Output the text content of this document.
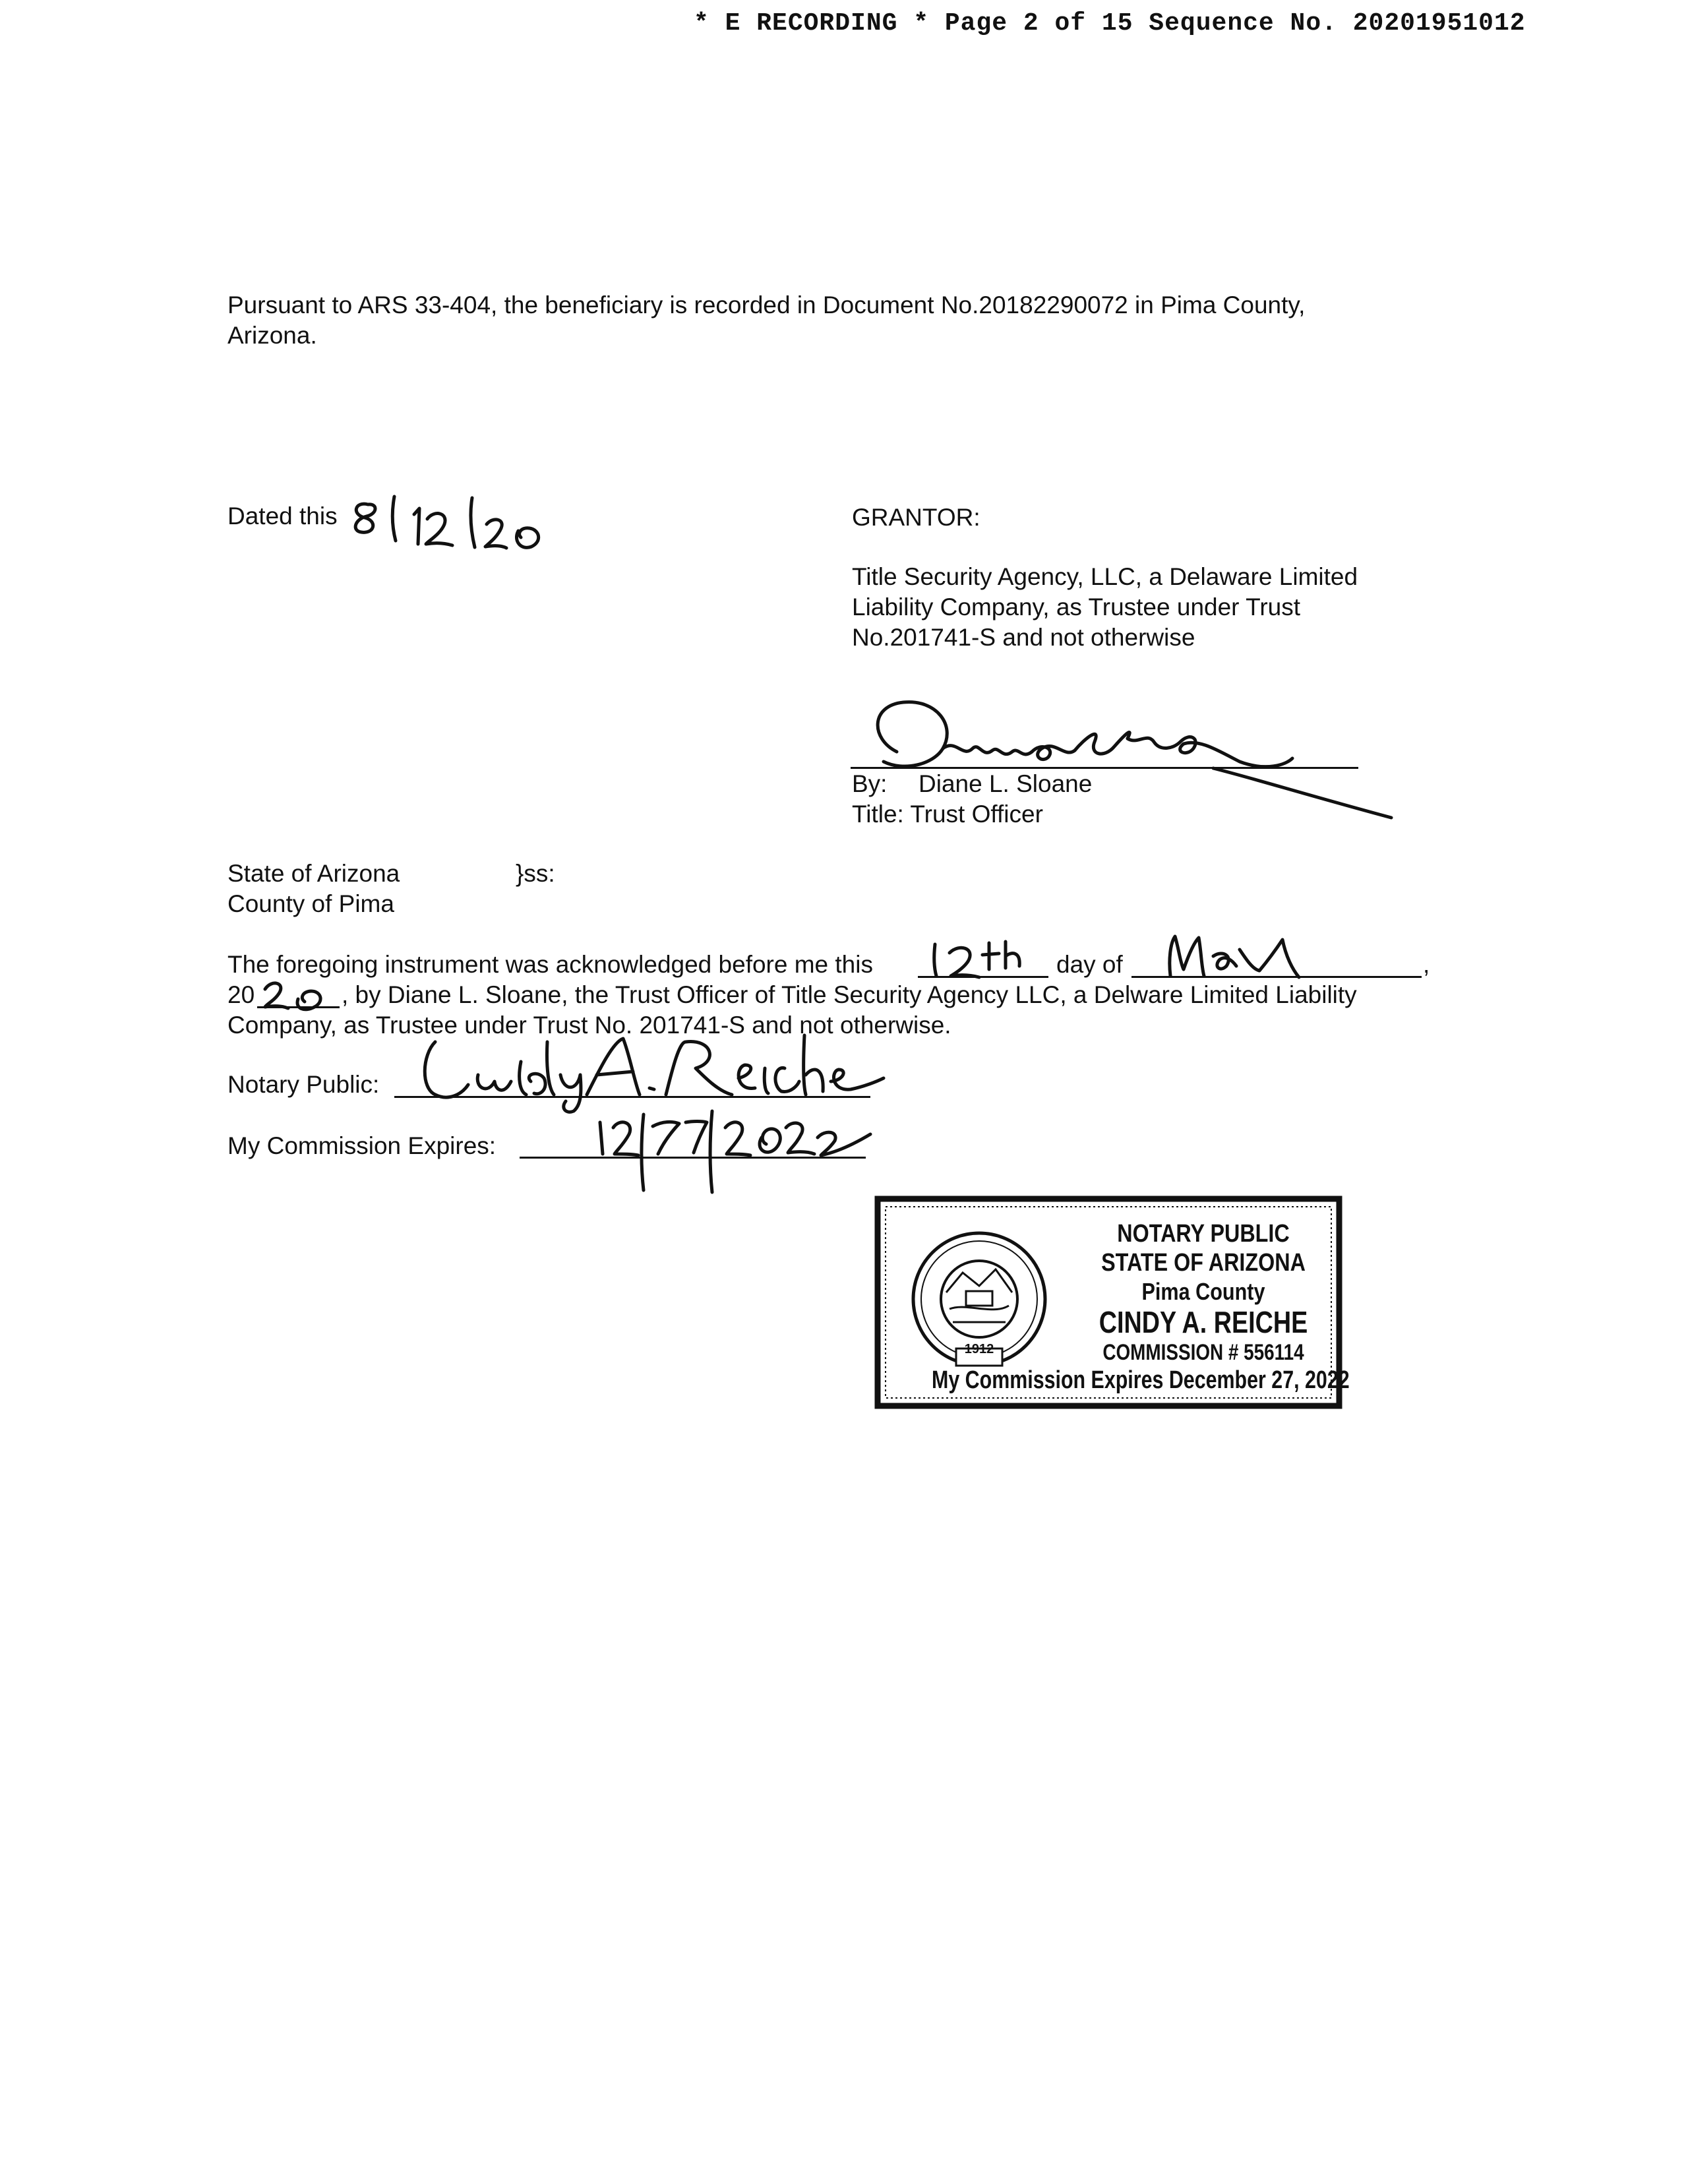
* E RECORDING * Page 2 of 15 Sequence No. 20201951012
Pursuant to ARS 33-404, the beneficiary is recorded in Document No.20182290072 in Pima County,
Arizona.
Dated this	GRANTOR:
Title Security Agency, LLC, a Delaware Limited
Liability Company, as Trustee under Trust
No.201741-S and not otherwise
By: Diane L. Sloane
Title: Trust Officer
State of Arizona	}ss:
County of Pima
The foregoing instrument was acknowledged before me this	day of	,
20	, by Diane L. Sloane, the Trust Officer of Title Security Agency LLC, a Delware Limited Liability
Company, as Trustee under Trust No. 201741-S and not otherwise.
Notary Public:
My Commission Expires:
1912
NOTARY PUBLIC
STATE OF ARIZONA
Pima County
CINDY A. REICHE
COMMISSION # 556114
My Commission Expires December 27, 2022
